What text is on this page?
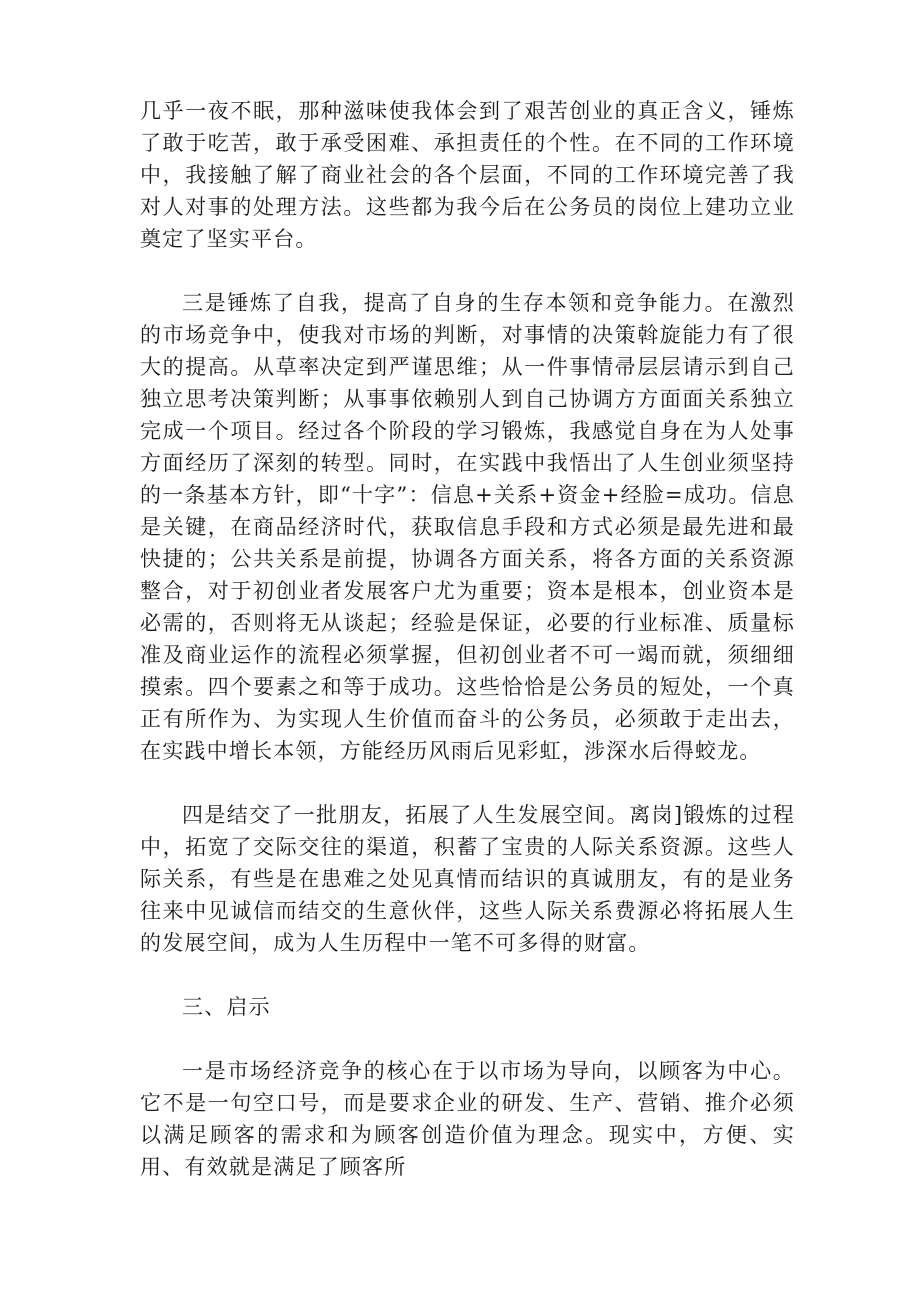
几乎一夜不眠，那种滋味使我体会到了艰苦创业的真正含义，锤炼了敢于吃苦，敢于承受困难、承担责任的个性。在不同的工作环境中，我接触了解了商业社会的各个层面，不同的工作环境完善了我对人对事的处理方法。这些都为我今后在公务员的岗位上建功立业奠定了坚实平台。

三是锤炼了自我，提高了自身的生存本领和竞争能力。在激烈的市场竞争中，使我对市场的判断，对事情的决策斡旋能力有了很大的提高。从草率决定到严谨思维；从一件事情帚层层请示到自己独立思考决策判断；从事事依赖别人到自己协调方方面面关系独立完成一个项目。经过各个阶段的学习锻炼，我感觉自身在为人处事方面经历了深刻的转型。同时，在实践中我悟出了人生创业须坚持的一条基本方针，即“十字”：信息+关系+资金+经脸=成功。信息是关键，在商品经济时代，获取信息手段和方式必须是最先进和最快捷的；公共关系是前提，协调各方面关系，将各方面的关系资源整合，对于初创业者发展客户尤为重要；资本是根本，创业资本是必需的，否则将无从谈起；经验是保证，必要的行业标准、质量标准及商业运作的流程必须掌握，但初创业者不可一竭而就，须细细摸索。四个要素之和等于成功。这些恰恰是公务员的短处，一个真正有所作为、为实现人生价值而奋斗的公务员，必须敢于走出去，在实践中增长本领，方能经历风雨后见彩虹，涉深水后得蛟龙。

四是结交了一批朋友，拓展了人生发展空间。离岗]锻炼的过程中，拓宽了交际交往的渠道，积蓄了宝贵的人际关系资源。这些人际关系，有些是在患难之处见真情而结识的真诚朋友，有的是业务往来中见诚信而结交的生意伙伴，这些人际关系费源必将拓展人生的发展空间，成为人生历程中一笔不可多得的财富。

三、启示

一是市场经济竞争的核心在于以市场为导向，以顾客为中心。它不是一句空口号，而是要求企业的研发、生产、营销、推介必须以满足顾客的需求和为顾客创造价值为理念。现实中，方便、实用、有效就是满足了顾客所
